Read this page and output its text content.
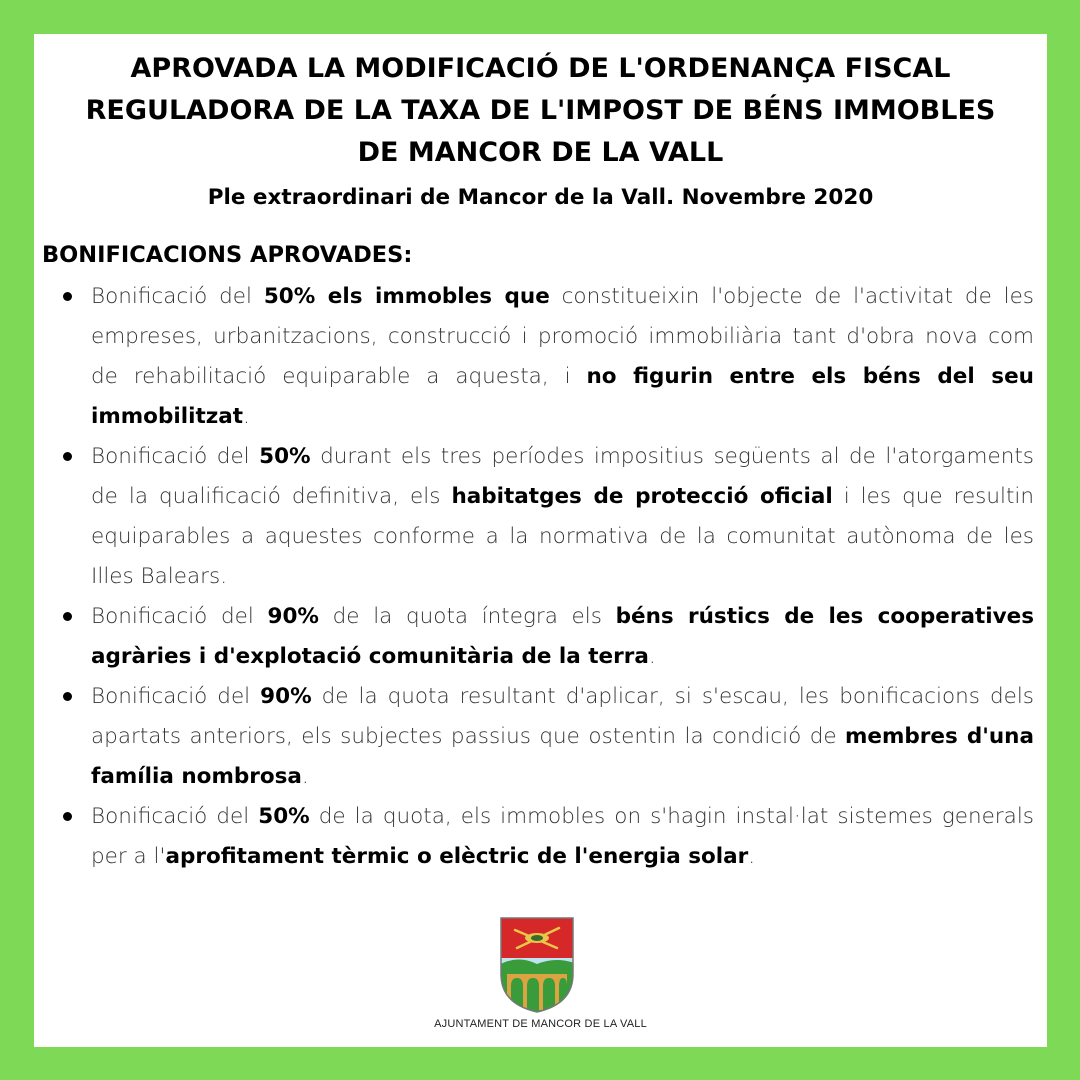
APROVADA LA MODIFICACIÓ DE L'ORDENANÇA FISCAL
REGULADORA DE LA TAXA DE L'IMPOST DE BÉNS IMMOBLES
DE MANCOR DE LA VALL
Ple extraordinari de Mancor de la Vall. Novembre 2020
BONIFICACIONS APROVADES:
Bonificació del 50% els immobles que constitueixin l'objecte de l'activitat de les empreses, urbanitzacions, construcció i promoció immobiliària tant d'obra nova com de rehabilitació equiparable a aquesta, i no figurin entre els béns del seu immobilitzat.
Bonificació del 50% durant els tres períodes impositius següents al de l'atorgaments de la qualificació definitiva, els habitatges de protecció oficial i les que resultin equiparables a aquestes conforme a la normativa de la comunitat autònoma de les Illes Balears.
Bonificació del 90% de la quota íntegra els béns rústics de les cooperatives agràries i d'explotació comunitària de la terra.
Bonificació del 90% de la quota resultant d'aplicar, si s'escau, les bonificacions dels apartats anteriors, els subjectes passius que ostentin la condició de membres d'una família nombrosa.
Bonificació del 50% de la quota, els immobles on s'hagin instal·lat sistemes generals per a l'aprofitament tèrmic o elèctric de l'energia solar.
AJUNTAMENT DE MANCOR DE LA VALL
